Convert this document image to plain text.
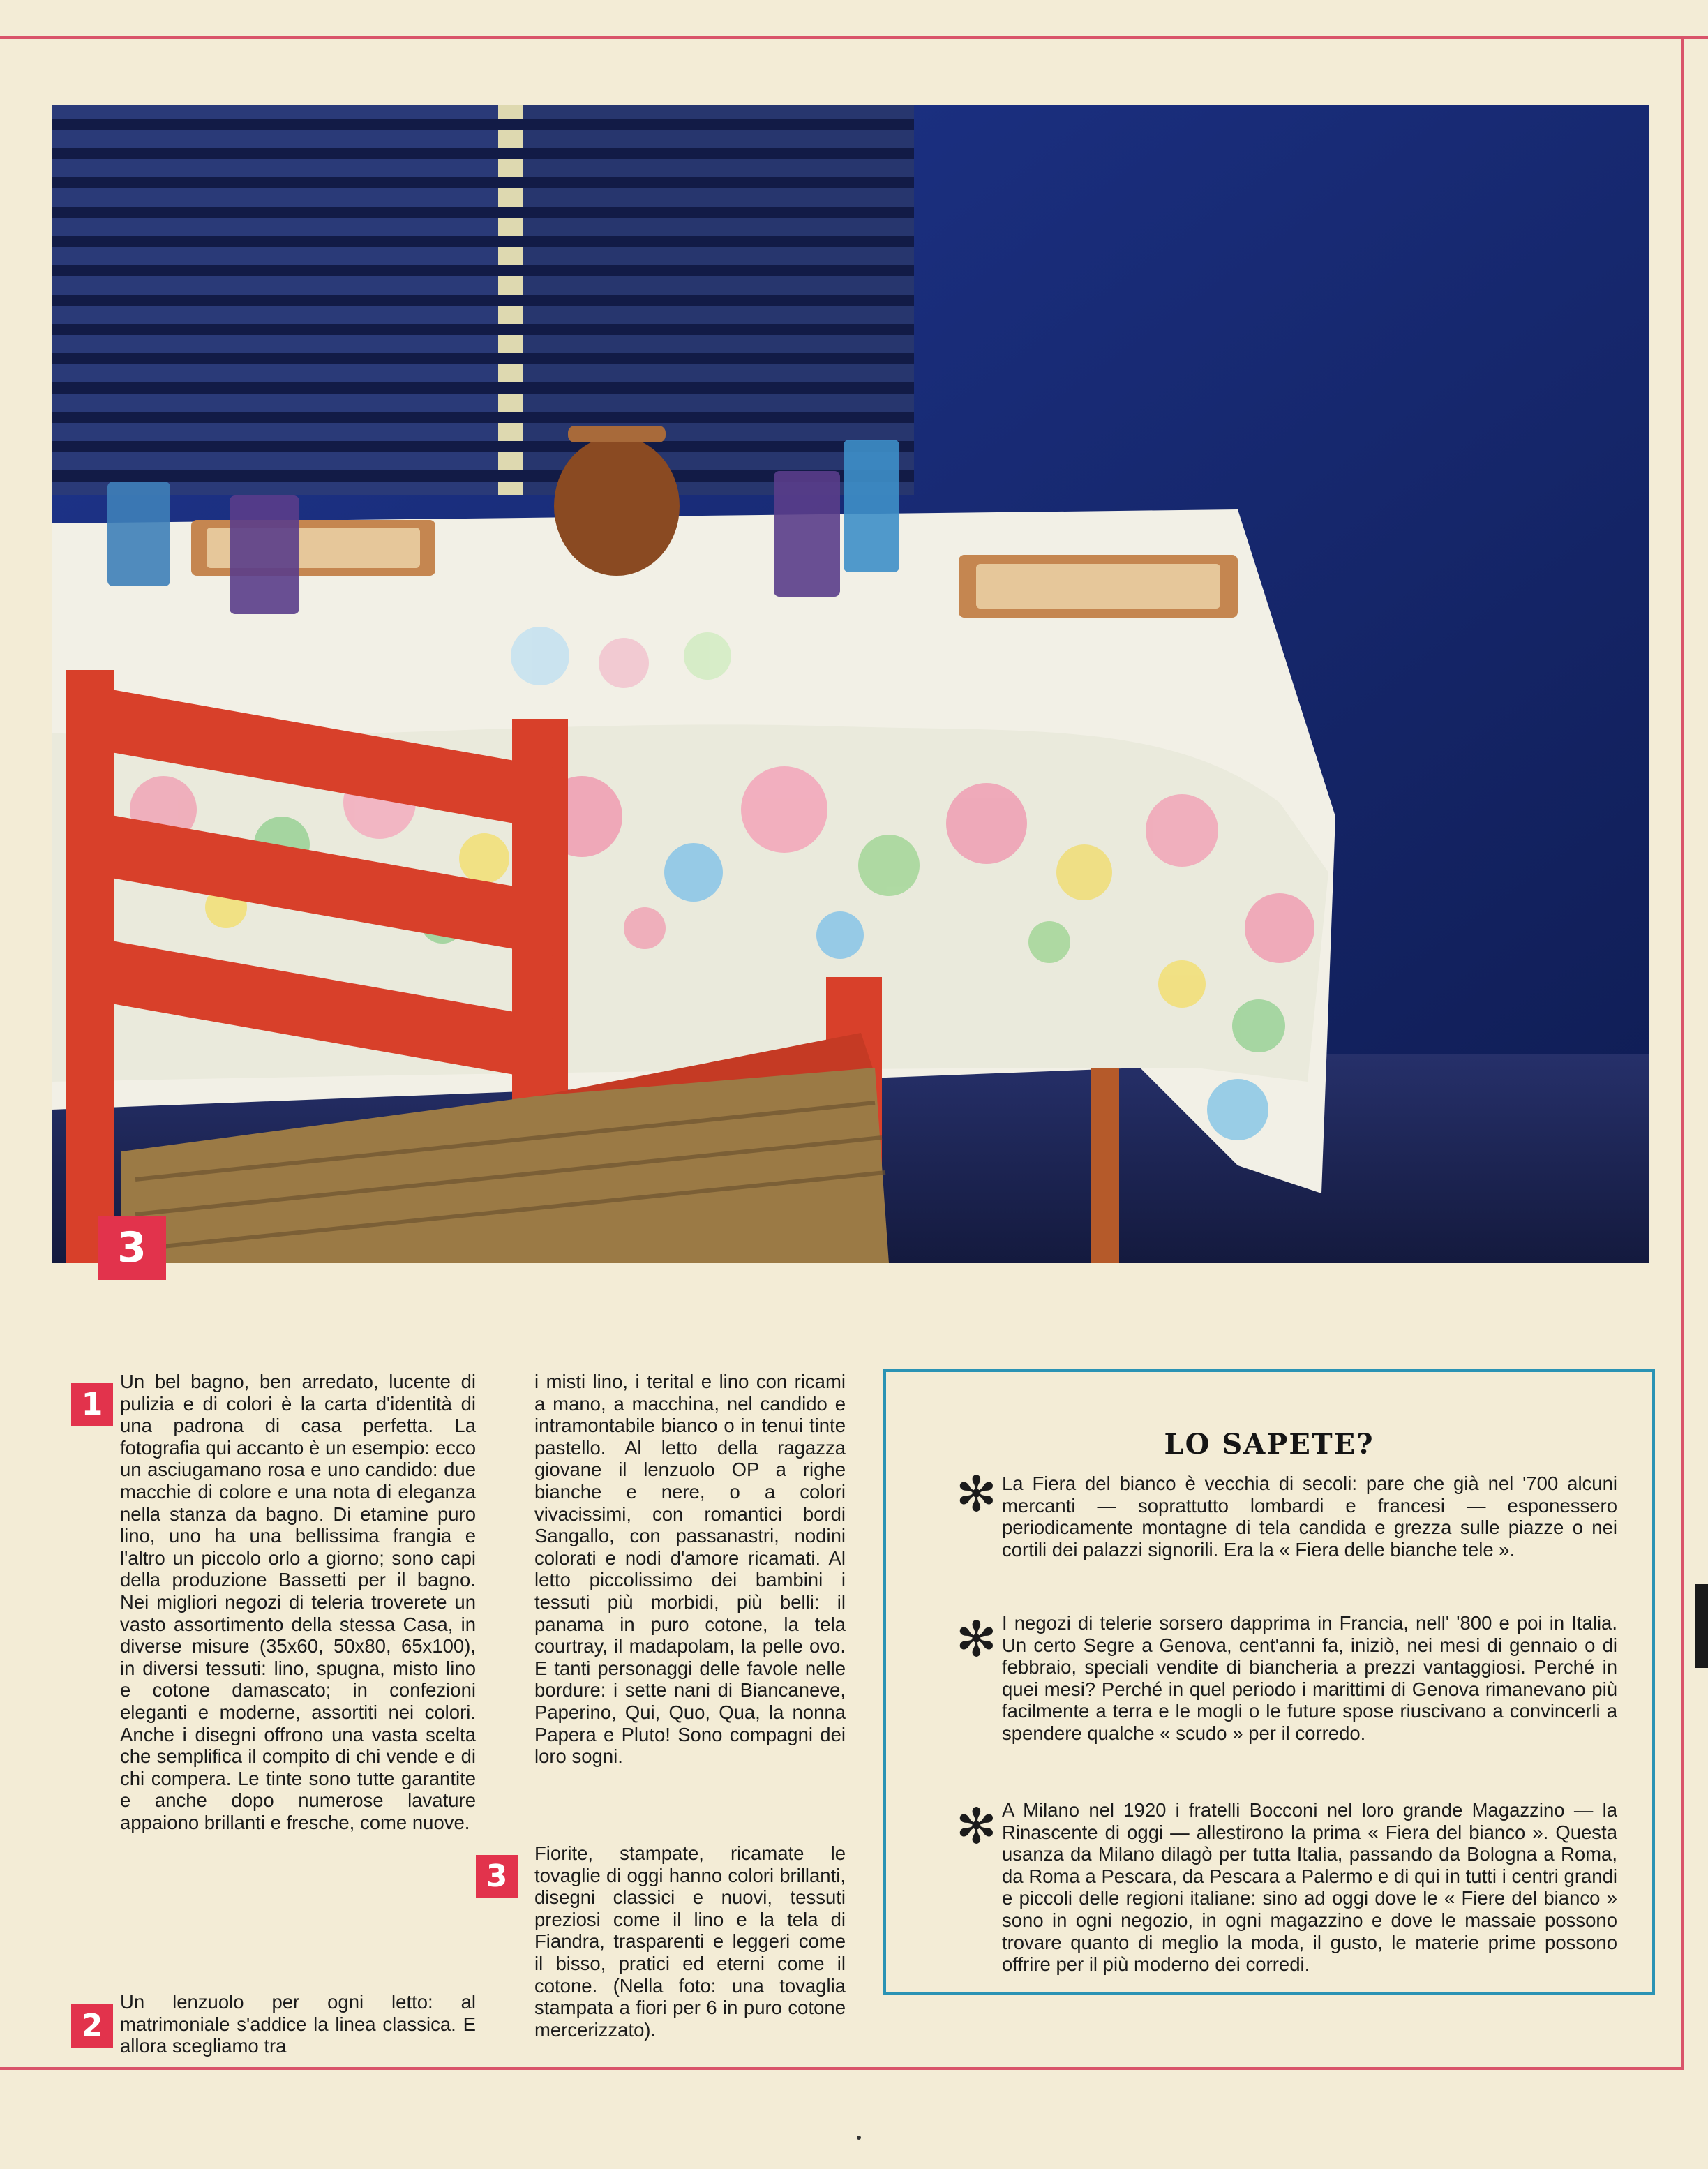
3
1

Un bel bagno, ben arredato, lucente di pulizia e di colori è la carta d'identità di una padrona di casa perfetta. La fotografia qui accanto è un esempio: ecco un asciugamano rosa e uno candido: due macchie di colore e una nota di eleganza nella stanza da bagno. Di etamine puro lino, uno ha una bellissima frangia e l'altro un piccolo orlo a giorno; sono capi della produzione Bassetti per il bagno. Nei migliori negozi di teleria troverete un vasto assortimento della stessa Casa, in diverse misure (35x60, 50x80, 65x100), in diversi tessuti: lino, spugna, misto lino e cotone damascato; in confezioni eleganti e moderne, assortiti nei colori. Anche i disegni offrono una vasta scelta che semplifica il compito di chi vende e di chi compera. Le tinte sono tutte garantite e anche dopo numerose lavature appaiono brillanti e fresche, come nuove.

2

Un lenzuolo per ogni letto: al matrimoniale s'addice la linea classica. E allora scegliamo tra

i misti lino, i terital e lino con ricami a mano, a macchina, nel candido e intramontabile bianco o in tenui tinte pastello. Al letto della ragazza giovane il lenzuolo OP a righe bianche e nere, o a colori vivacissimi, con romantici bordi Sangallo, con passanastri, nodini colorati e nodi d'amore ricamati. Al letto piccolissimo dei bambini i tessuti più morbidi, più belli: il panama in puro cotone, la tela courtray, il madapolam, la pelle ovo. E tanti personaggi delle favole nelle bordure: i sette nani di Biancaneve, Paperino, Qui, Quo, Qua, la nonna Papera e Pluto! Sono compagni dei loro sogni.

3

Fiorite, stampate, ricamate le tovaglie di oggi hanno colori brillanti, disegni classici e nuovi, tessuti preziosi come il lino e la tela di Fiandra, trasparenti e leggeri come il bisso, pratici ed eterni come il cotone. (Nella foto: una tovaglia stampata a fiori per 6 in puro cotone mercerizzato).

LO SAPETE?
✻ La Fiera del bianco è vecchia di secoli: pare che già nel '700 alcuni mercanti — soprattutto lombardi e francesi — esponessero periodicamente montagne di tela candida e grezza sulle piazze o nei cortili dei palazzi signorili. Era la « Fiera delle bianche tele ».

✻ I negozi di telerie sorsero dapprima in Francia, nell' '800 e poi in Italia. Un certo Segre a Genova, cent'anni fa, iniziò, nei mesi di gennaio o di febbraio, speciali vendite di biancheria a prezzi vantaggiosi. Perché in quei mesi? Perché in quel periodo i marittimi di Genova rimanevano più facilmente a terra e le mogli o le future spose riuscivano a convincerli a spendere qualche « scudo » per il corredo.

✻ A Milano nel 1920 i fratelli Bocconi nel loro grande Magazzino — la Rinascente di oggi — allestirono la prima « Fiera del bianco ». Questa usanza da Milano dilagò per tutta Italia, passando da Bologna a Roma, da Roma a Pescara, da Pescara a Palermo e di qui in tutti i centri grandi e piccoli delle regioni italiane: sino ad oggi dove le « Fiere del bianco » sono in ogni negozio, in ogni magazzino e dove le massaie possono trovare quanto di meglio la moda, il gusto, le materie prime possono offrire per il più moderno dei corredi.
